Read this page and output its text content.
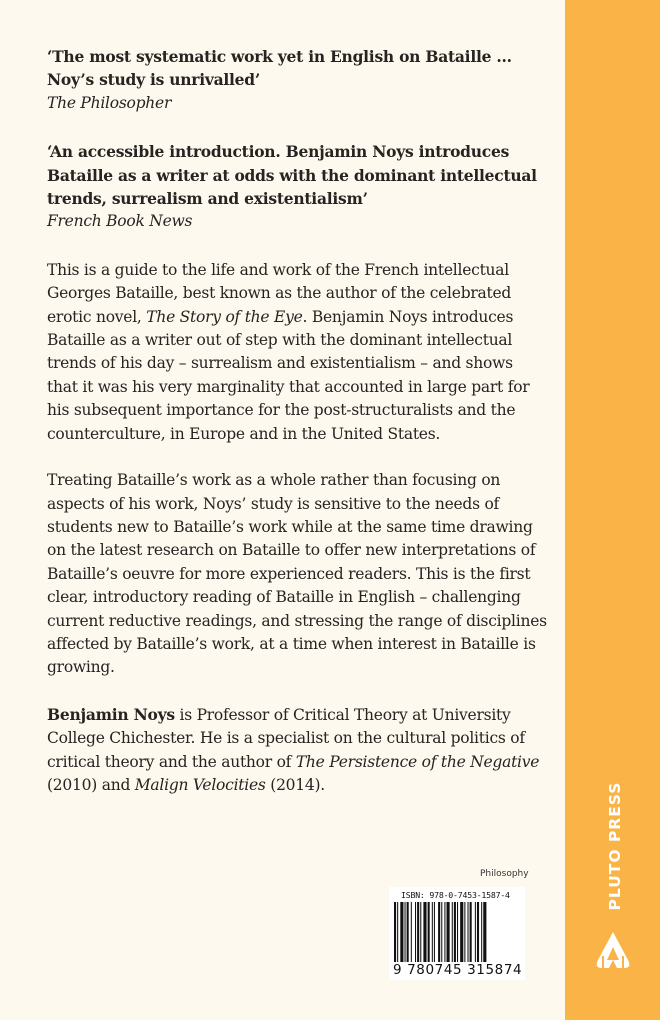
‘The most systematic work yet in English on Bataille ... Noy’s study is unrivalled’
The Philosopher
‘An accessible introduction. Benjamin Noys introduces Bataille as a writer at odds with the dominant intellectual trends, surrealism and existentialism’
French Book News
This is a guide to the life and work of the French intellectual Georges Bataille, best known as the author of the celebrated erotic novel, The Story of the Eye. Benjamin Noys introduces Bataille as a writer out of step with the dominant intellectual trends of his day – surrealism and existentialism – and shows that it was his very marginality that accounted in large part for his subsequent importance for the post-structuralists and the counterculture, in Europe and in the United States.
Treating Bataille’s work as a whole rather than focusing on aspects of his work, Noys’ study is sensitive to the needs of students new to Bataille’s work while at the same time drawing on the latest research on Bataille to offer new interpretations of Bataille’s oeuvre for more experienced readers. This is the first clear, introductory reading of Bataille in English – challenging current reductive readings, and stressing the range of disciplines affected by Bataille’s work, at a time when interest in Bataille is growing.
Benjamin Noys is Professor of Critical Theory at University College Chichester. He is a specialist on the cultural politics of critical theory and the author of The Persistence of the Negative (2010) and Malign Velocities (2014).	PLUTO PRESS
Philosophy
ISBN: 978-0-7453-1587-4
9 780745 315874
